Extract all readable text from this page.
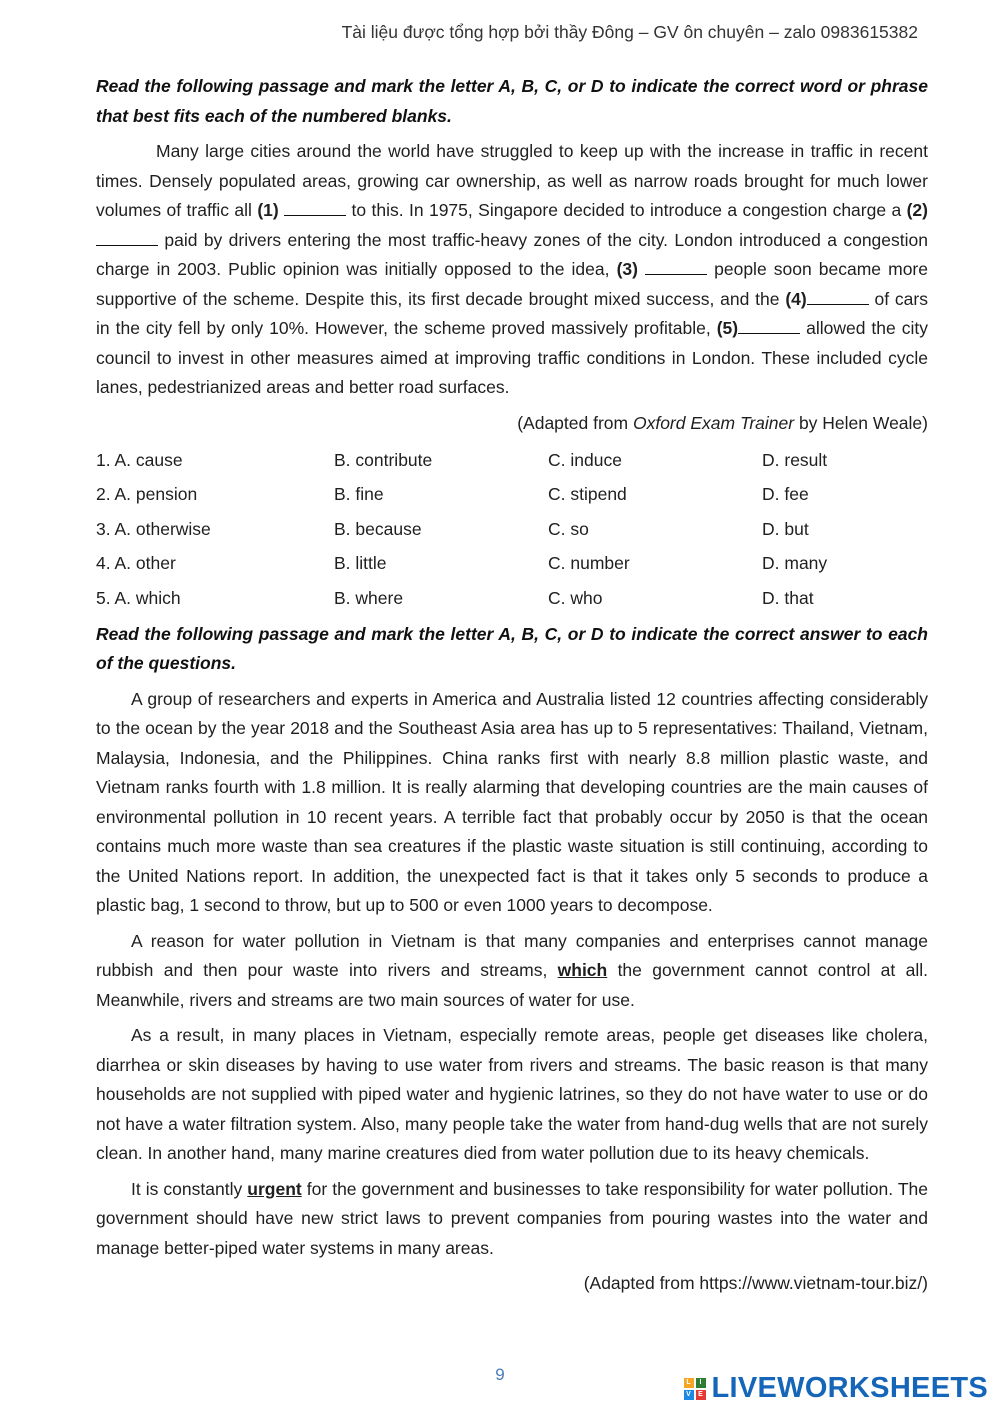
Tài liệu được tổng hợp bởi thầy Đông – GV ôn chuyên – zalo 0983615382

Read the following passage and mark the letter A, B, C, or D to indicate the correct word or phrase that best fits each of the numbered blanks.

Many large cities around the world have struggled to keep up with the increase in traffic in recent times. Densely populated areas, growing car ownership, as well as narrow roads brought for much lower volumes of traffic all (1)	to this. In 1975, Singapore decided to introduce a congestion charge a (2)  paid by drivers entering the most traffic-heavy zones of the city. London introduced a congestion charge in 2003. Public opinion was initially opposed to the idea, (3)	people soon became more supportive of the scheme. Despite this, its first decade brought mixed success, and the (4)	of cars in the city fell by only 10%. However, the scheme proved massively profitable, (5)	allowed the city council to invest in other measures aimed at improving traffic conditions in London. These included cycle lanes, pedestrianized areas and better road surfaces.

(Adapted from Oxford Exam Trainer by Helen Weale)

1. A. cause	B. contribute	C. induce	D. result
2. A. pension	B. fine	C. stipend	D. fee
3. A. otherwise	B. because	C. so	D. but
4. A. other	B. little	C. number	D. many
5. A. which	B. where	C. who	D. that

Read the following passage and mark the letter A, B, C, or D to indicate the correct answer to each of the questions.

A group of researchers and experts in America and Australia listed 12 countries affecting considerably to the ocean by the year 2018 and the Southeast Asia area has up to 5 representatives: Thailand, Vietnam, Malaysia, Indonesia, and the Philippines. China ranks first with nearly 8.8 million plastic waste, and Vietnam ranks fourth with 1.8 million. It is really alarming that developing countries are the main causes of environmental pollution in 10 recent years. A terrible fact that probably occur by 2050 is that the ocean contains much more waste than sea creatures if the plastic waste situation is still continuing, according to the United Nations report. In addition, the unexpected fact is that it takes only 5 seconds to produce a plastic bag, 1 second to throw, but up to 500 or even 1000 years to decompose.

A reason for water pollution in Vietnam is that many companies and enterprises cannot manage rubbish and then pour waste into rivers and streams, which the government cannot control at all. Meanwhile, rivers and streams are two main sources of water for use.

As a result, in many places in Vietnam, especially remote areas, people get diseases like cholera, diarrhea or skin diseases by having to use water from rivers and streams. The basic reason is that many households are not supplied with piped water and hygienic latrines, so they do not have water to use or do not have a water filtration system. Also, many people take the water from hand-dug wells that are not surely clean. In another hand, many marine creatures died from water pollution due to its heavy chemicals.

It is constantly urgent for the government and businesses to take responsibility for water pollution. The government should have new strict laws to prevent companies from pouring wastes into the water and manage better-piped water systems in many areas.

(Adapted from https://www.vietnam-tour.biz/)

9	L	I
V	E LIVEWORKSHEETS
